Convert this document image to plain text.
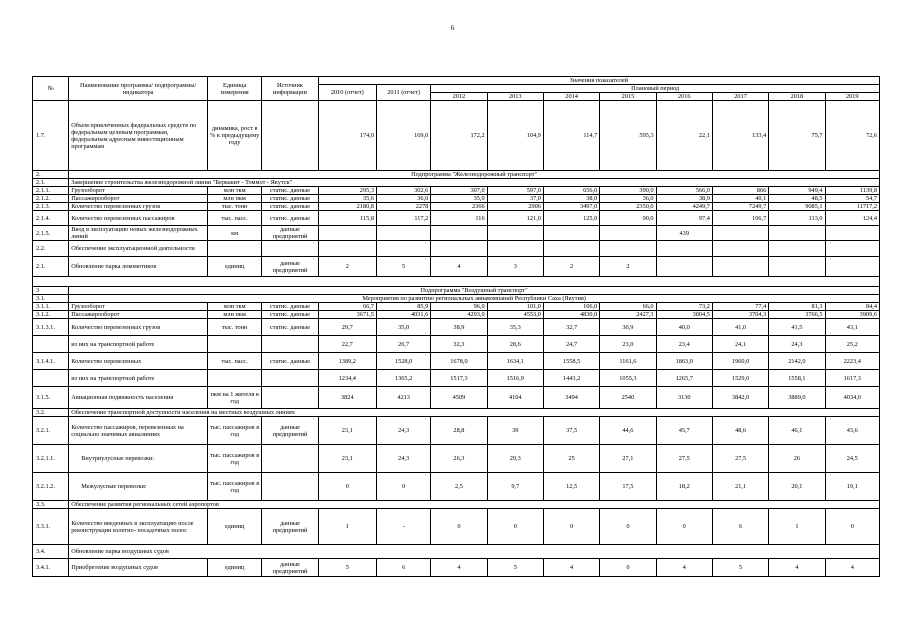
6
№	Наименование программы/ подпрограммы/ индикатора	Единица измерения	Источник информации	Значения показателей									
				2010 (отчет)	2011 (отчет)	Плановый период							
						2012	2013	2014	2015	2016	2017	2018	2019
1.7.	Объем привлеченных федеральных средств по федеральным целевым программам, федеральным адресным инвестиционным программам	динамика, рост в % к предыдущему году		174,0	169,0	172,2	104,9	114,7	595,3	22,1	133,4	75,7	72,6
2.	Подпрограмма "Железнодорожный транспорт"												
2.1.	Завершение строительства железнодорожной линии "Беркакит - Томмот - Якутск"												
2.1.1.	Грузооборот	млн ткм	статис. данные	295,3	302,6	307,0	597,0	656,0	390,0	566,0	866	949,4	1139,8
2.1.2.	Пассажирооборот	млн пкм	статис. данные	35,6	36,0	35,0	37,0	38,0	36,0	38,9	40,1	48,5	54,7
2.1.3.	Количество перевезенных грузов	тыс. тонн	статис. данные	2180,8	2278	2366	2906	3497,0	2350,0	4249,7	7249,7	9085,1	11717,2
2.1.4.	Количество перевезенных пассажиров	тыс. пасс.	статис. данные	115,8	117,2	116	121,0	125,0	90,0	97,4	106,7	113,0	124,4
2.1.5.	Ввод в эксплуатацию новых железнодорожных линий	км	данные предприятий							439			
2.2.	Обеспечение эксплуатационной деятельности												
2.1.	Обновление парка локомотивов	единиц	данные предприятий	2	5	4	3	2	2				

3	Подпрограмма "Воздушный транспорт"												
3.1.	Мероприятия по развитию региональных авиакомпаний Республики Саха (Якутия)												
3.1.1.	Грузооборот	млн ткм	статис. данные	66,7	85,9	96,0	101,0	106,0	66,0	73,2	77,4	81,3	84,4
3.1.2.	Пассажирооборот	млн пкм	статис. данные	3671,5	4031,6	4293,0	4553,0	4830,0	2427,3	3004,5	3704,3	3766,5	3909,6
3.1.3.1.	Количество перевезенных грузов	тыс. тонн	статис. данные	29,7	35,0	38,9	35,3	32,7	30,9	40,0	41,0	41,5	43,1
	из них на транспортной работе			22,7	26,7	32,3	28,6	24,7	23,0	23,4	24,1	24,3	25,2
3.1.4.1.	Количество перевезенных	тыс. пасс.	статис. данные	1389,2	1528,0	1678,0	1634,1	1558,5	1161,6	1863,0	1960,0	2142,0	2223,4
	из них на транспортной работе			1234,4	1365,2	1517,3	1516,9	1443,2	1055,3	1265,7	1529,0	1558,1	1617,3
3.1.5.	Авиационная подвижность населения	пкм на 1 жителя в год		3824	4213	4509	4104	3494	2540	3130	3842,0	3889,0	4034,0
3.2.	Обеспечение транспортной доступности населения на местных воздушных линиях												
3.2.1.	Количество пассажиров, перевезенных на социально значимых авиалиниях	тыс. пассажиров в год	данные предприятий	23,1	24,3	28,8	39	37,5	44,6	45,7	48,6	46,1	43,6
3.2.1.1.	Внутриулусные перевозки:	тыс. пассажиров в год		23,1	24,3	26,3	29,3	25	27,1	27,5	27,5	26	24,5
3.2.1.2.	Межулусные перевозки:	тыс. пассажиров в год		0	0	2,5	9,7	12,5	17,5	18,2	21,1	20,1	19,1
3.3.	Обеспечение развития региональных сетей аэропортов												
3.3.1.	Количество введенных в эксплуатацию после реконструкции взлетно- посадочных полос	единиц	данные предприятий	1	-	0	0	0	0	0	6	1	0
3.4.	Обновление парка воздушных судов												
3.4.1.	Приобретение воздушных судов	единиц	данные предприятий	5	6	4	5	4	0	4	5	4	4
